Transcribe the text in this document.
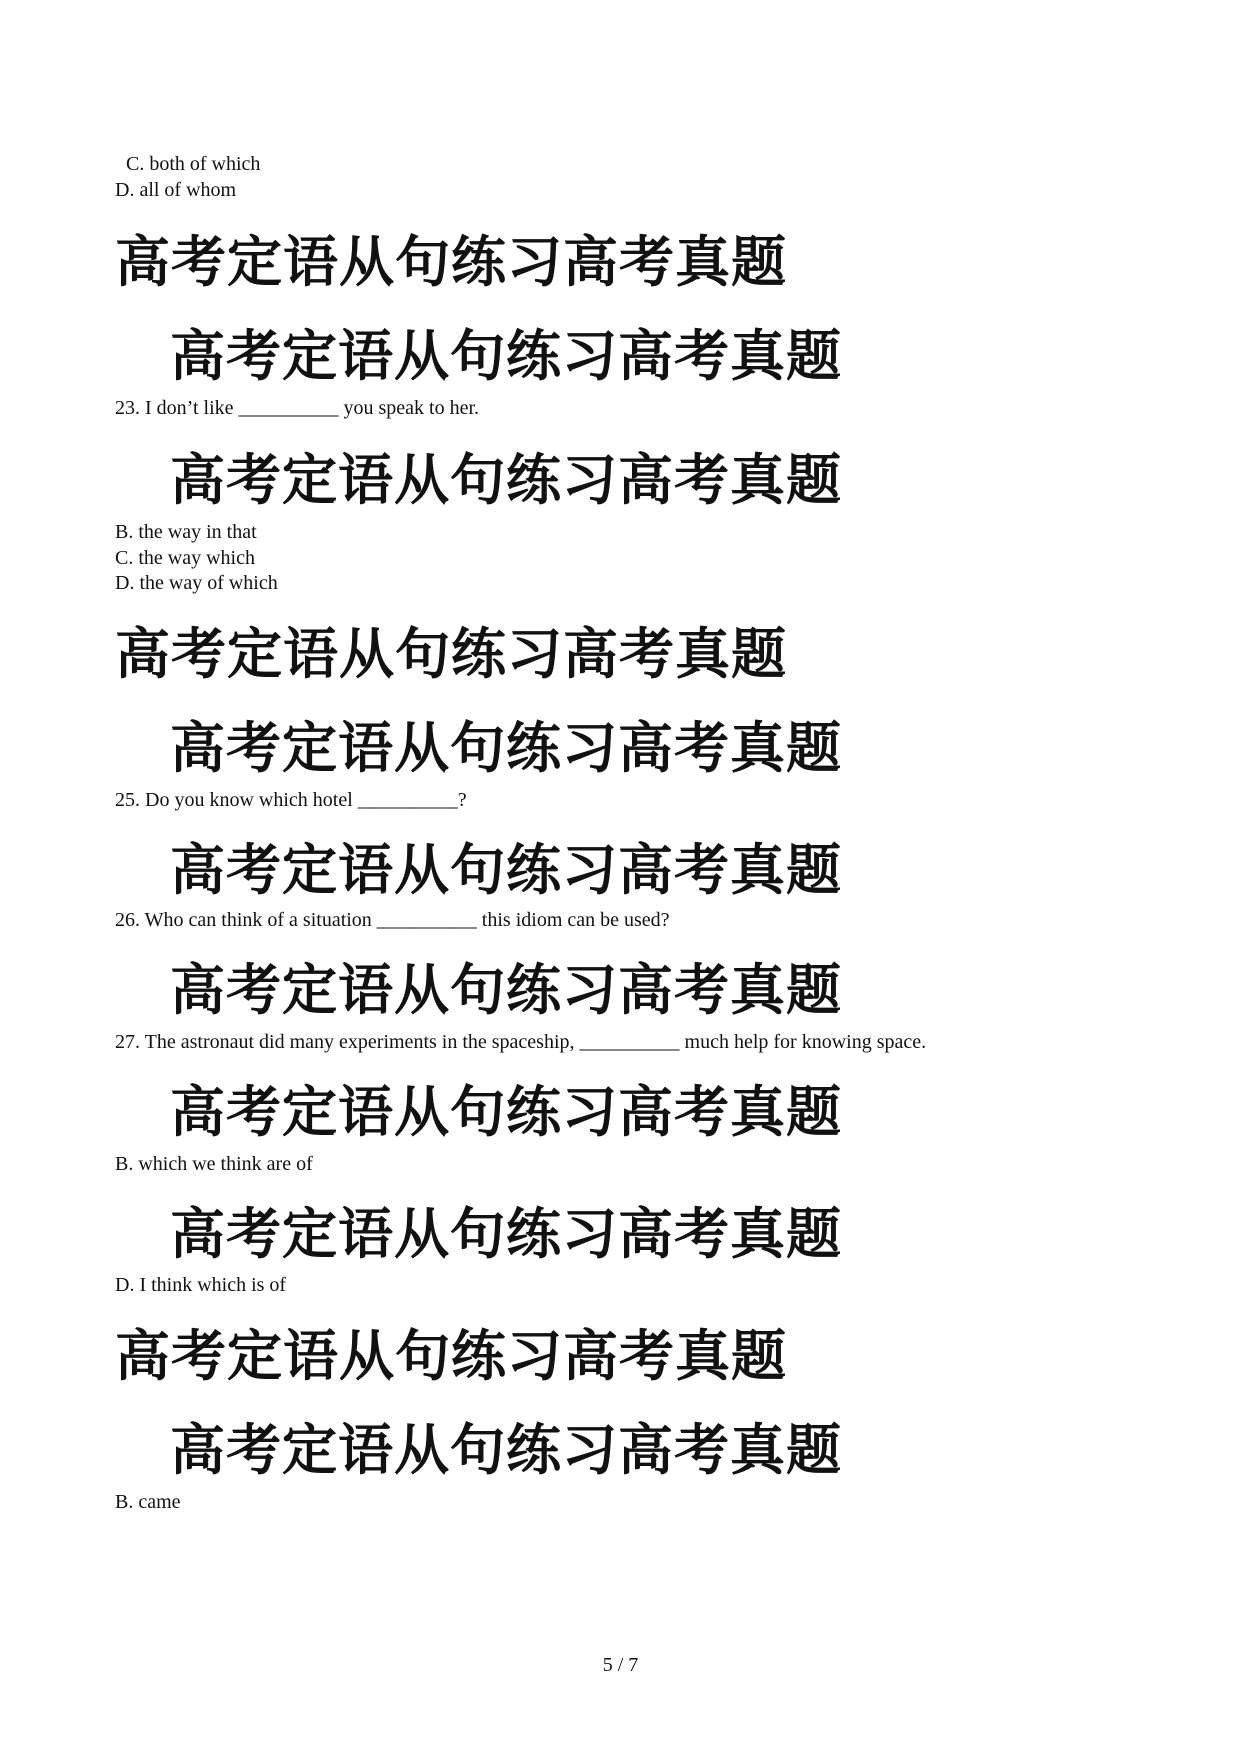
C. both of which
D. all of whom
高考定语从句练习高考真题
高考定语从句练习高考真题
23. I don’t like __________ you speak to her.
高考定语从句练习高考真题
B. the way in that
C. the way which
D. the way of which
高考定语从句练习高考真题
高考定语从句练习高考真题
25. Do you know which hotel __________?
高考定语从句练习高考真题
26. Who can think of a situation __________ this idiom can be used?
高考定语从句练习高考真题
27. The astronaut did many experiments in the spaceship, __________ much help for knowing space.
高考定语从句练习高考真题
B. which we think are of
高考定语从句练习高考真题
D. I think which is of
高考定语从句练习高考真题
高考定语从句练习高考真题
B. came
5 / 7
